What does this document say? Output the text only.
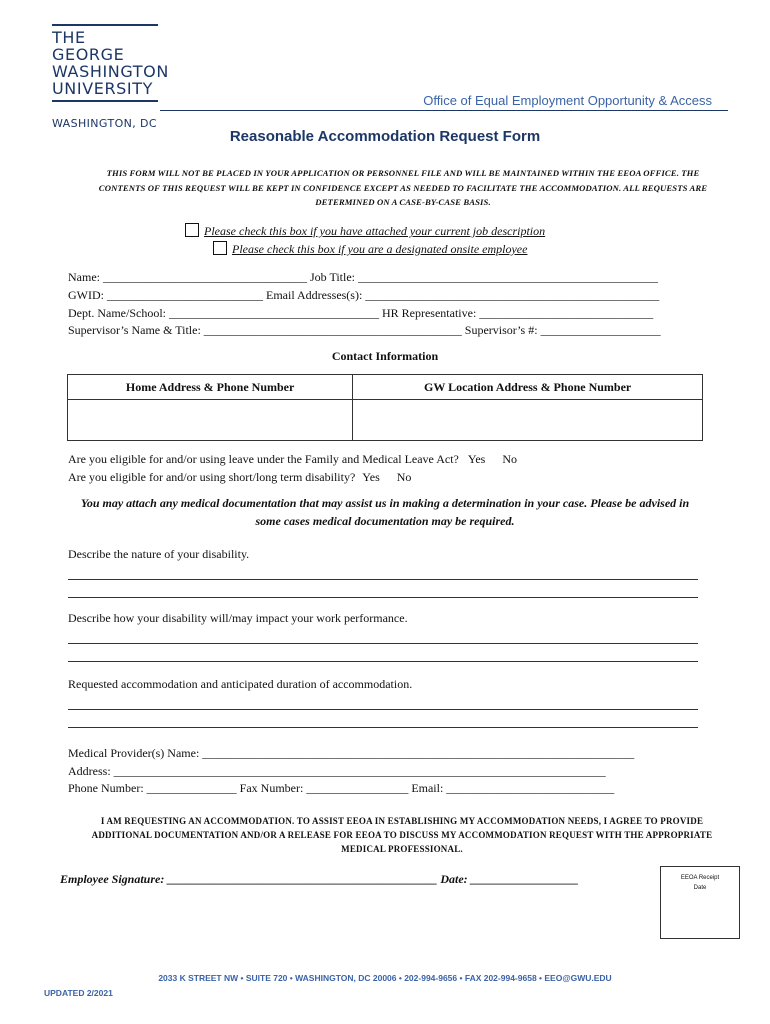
THE GEORGE
WASHINGTON
UNIVERSITY
WASHINGTON, DC
Office of Equal Employment Opportunity & Access
Reasonable Accommodation Request Form
THIS FORM WILL NOT BE PLACED IN YOUR APPLICATION OR PERSONNEL FILE AND WILL BE MAINTAINED WITHIN THE EEOA OFFICE. THE CONTENTS OF THIS REQUEST WILL BE KEPT IN CONFIDENCE EXCEPT AS NEEDED TO FACILITATE THE ACCOMMODATION. ALL REQUESTS ARE DETERMINED ON A CASE-BY-CASE BASIS.
Please check this box if you have attached your current job description
Please check this box if you are a designated onsite employee
Name: __________________________________ Job Title: __________________________________________________
GWID: __________________________ Email Addresses(s): _________________________________________________
Dept. Name/School: ___________________________________ HR Representative: _____________________________
Supervisor’s Name & Title: ___________________________________________ Supervisor’s #: ____________________
Contact Information
Home Address & Phone Number	GW Location Address & Phone Number

Are you eligible for and/or using leave under the Family and Medical Leave Act? Yes No
Are you eligible for and/or using short/long term disability? Yes No
You may attach any medical documentation that may assist us in making a determination in your case. Please be advised in some cases medical documentation may be required.
Describe the nature of your disability.
Describe how your disability will/may impact your work performance.
Requested accommodation and anticipated duration of accommodation.
Medical Provider(s) Name: ________________________________________________________________________
Address: __________________________________________________________________________________
Phone Number: _______________ Fax Number: _________________ Email: ____________________________
I AM REQUESTING AN ACCOMMODATION. TO ASSIST EEOA IN ESTABLISHING MY ACCOMMODATION NEEDS, I AGREE TO PROVIDE ADDITIONAL DOCUMENTATION AND/OR A RELEASE FOR EEOA TO DISCUSS MY ACCOMMODATION REQUEST WITH THE APPROPRIATE MEDICAL PROFESSIONAL.
Employee Signature: _____________________________________________ Date: __________________	EEOA Receipt
Date
2033 K STREET NW • SUITE 720 • WASHINGTON, DC 20006 • 202-994-9656 • FAX 202-994-9658 • EEO@GWU.EDU
UPDATED 2/2021
